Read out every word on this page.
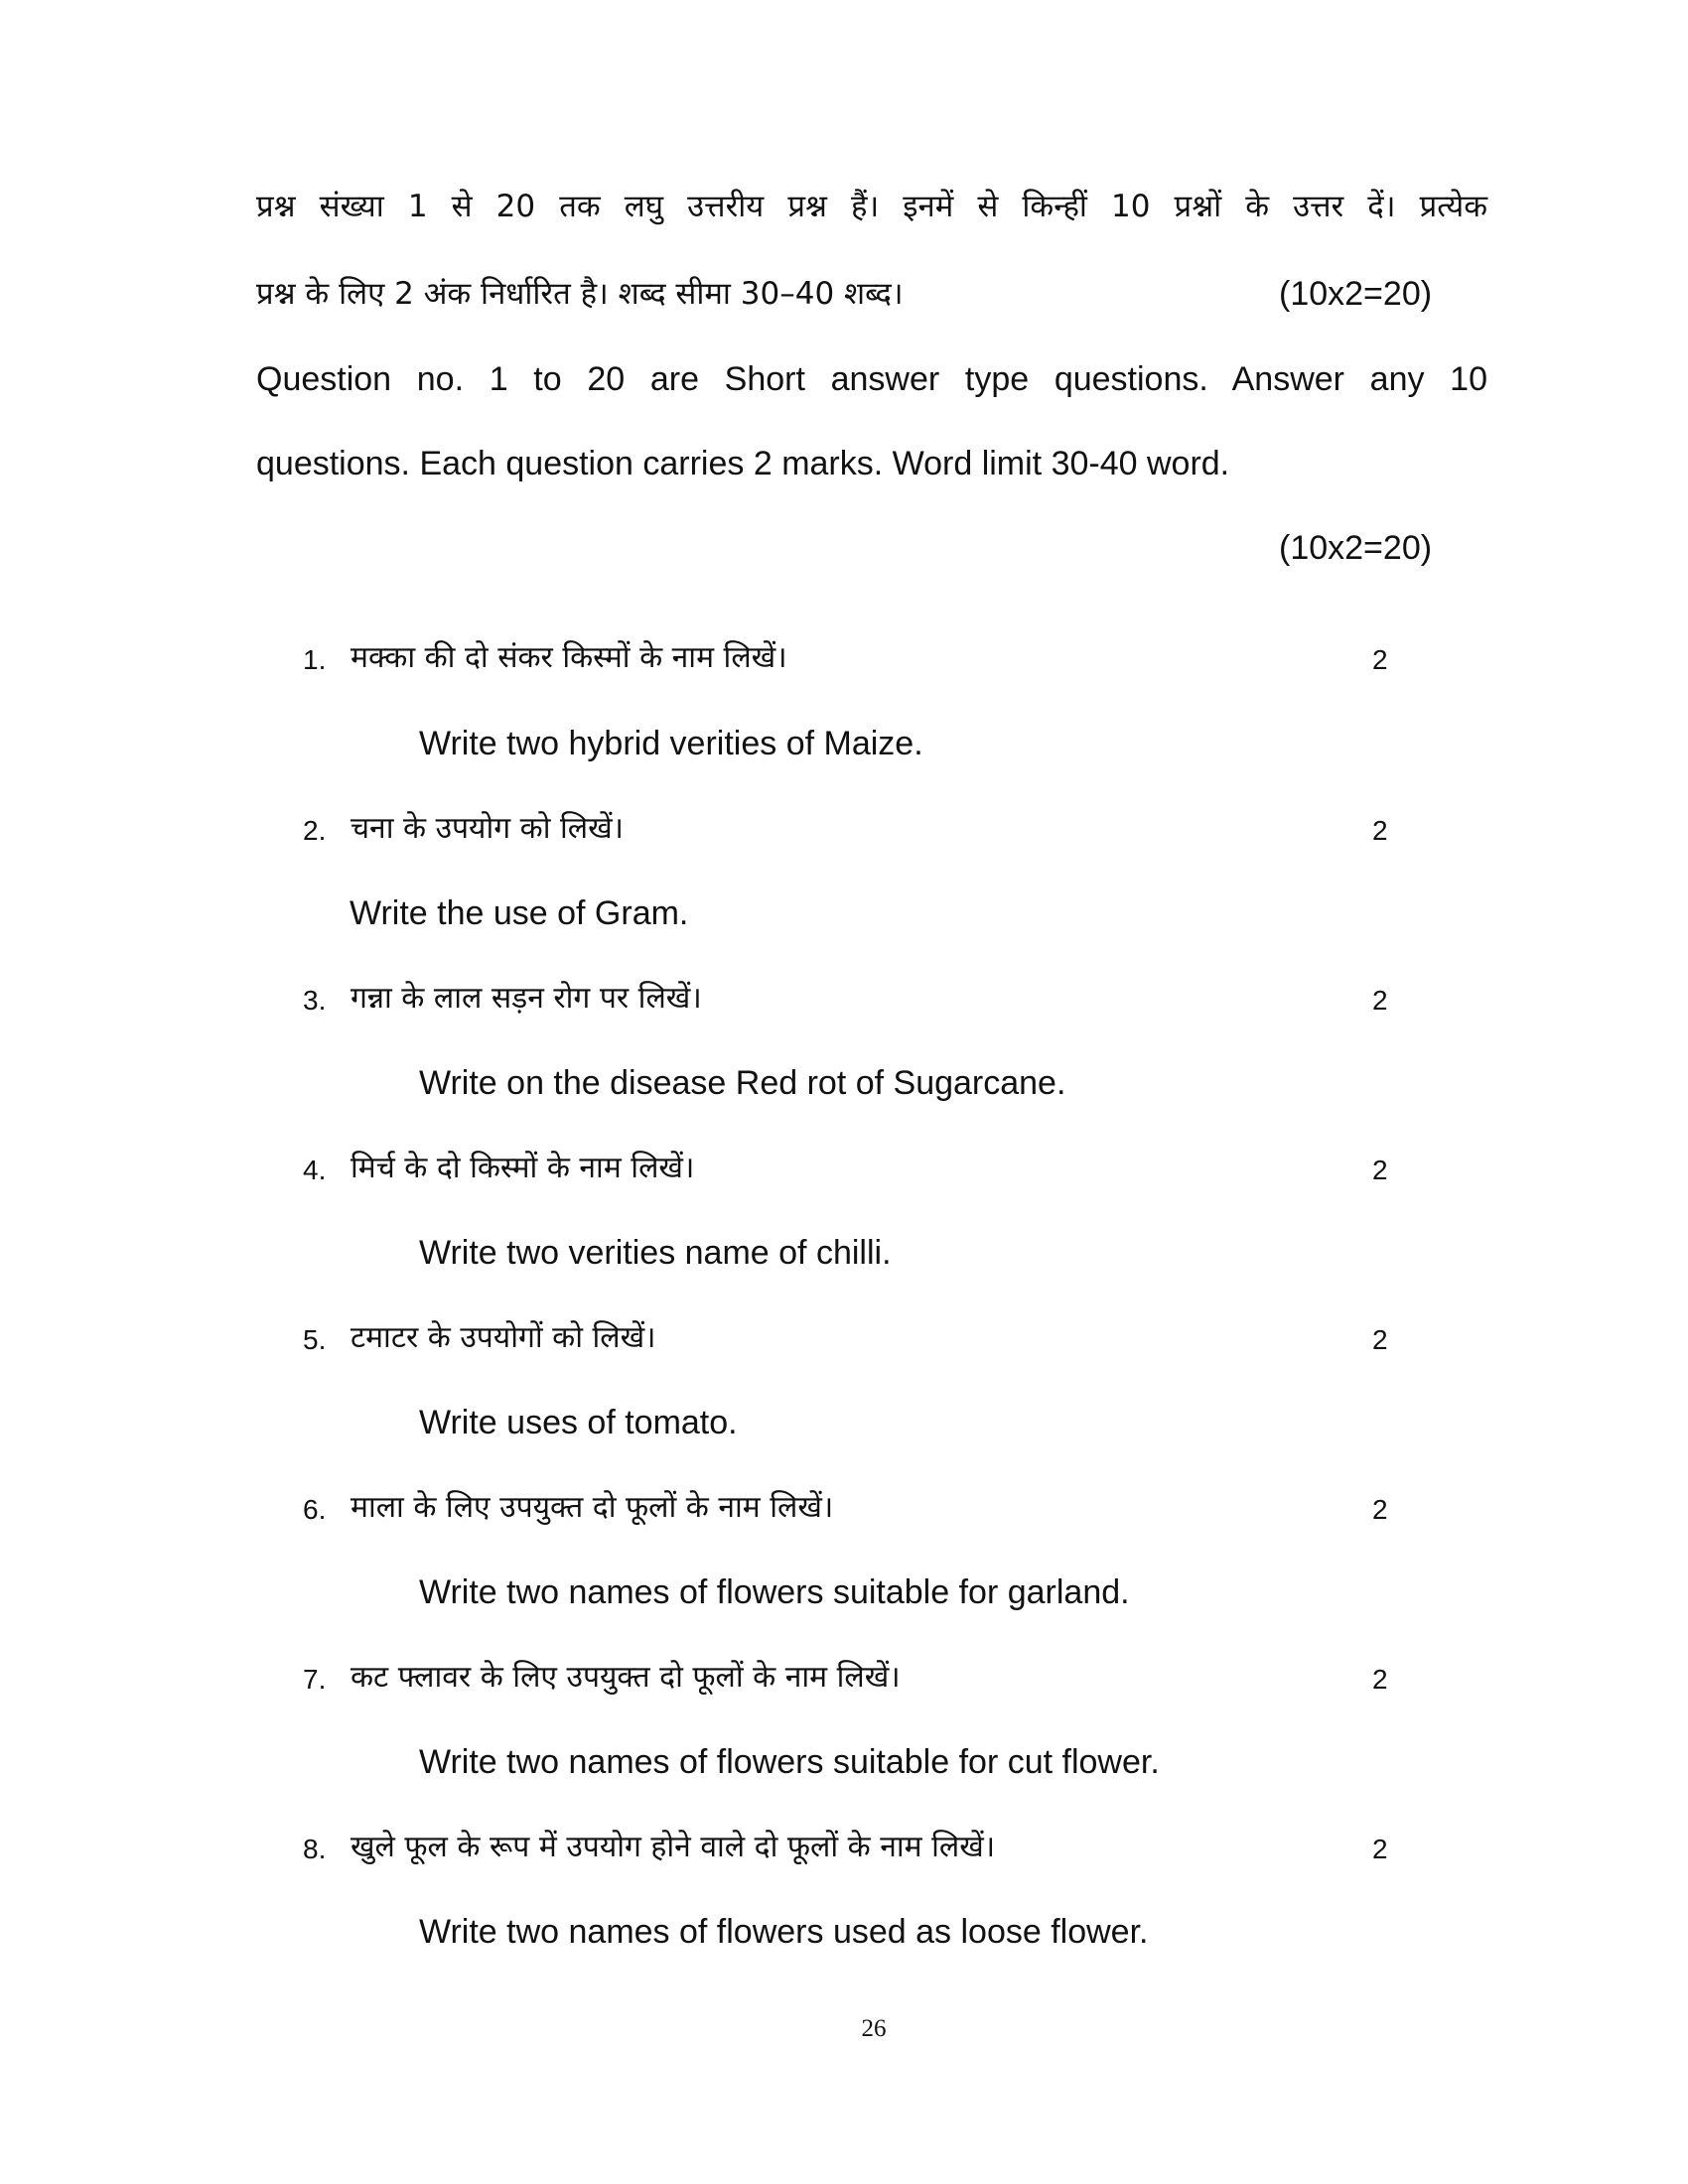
प्रश्न संख्या 1 से 20 तक लघु उत्तरीय प्रश्न हैं। इनमें से किन्हीं 10 प्रश्नों के उत्तर दें। प्रत्येक
प्रश्न के लिए 2 अंक निर्धारित है। शब्द सीमा 30–40 शब्द।	(10x2=20)
Question no. 1 to 20 are Short answer type questions. Answer any 10
questions. Each question carries 2 marks. Word limit 30-40 word.
(10x2=20)
1. मक्का की दो संकर किस्मों के नाम लिखें।	2
Write two hybrid verities of Maize.
2. चना के उपयोग को लिखें।	2
Write the use of Gram.
3. गन्ना के लाल सड़न रोग पर लिखें।	2
Write on the disease Red rot of Sugarcane.
4. मिर्च के दो किस्मों के नाम लिखें।	2
Write two verities name of chilli.
5. टमाटर के उपयोगों को लिखें।	2
Write uses of tomato.
6. माला के लिए उपयुक्त दो फूलों के नाम लिखें।	2
Write two names of flowers suitable for garland.
7. कट फ्लावर के लिए उपयुक्त दो फूलों के नाम लिखें।	2
Write two names of flowers suitable for cut flower.
8. खुले फूल के रूप में उपयोग होने वाले दो फूलों के नाम लिखें।	2
Write two names of flowers used as loose flower.
26
